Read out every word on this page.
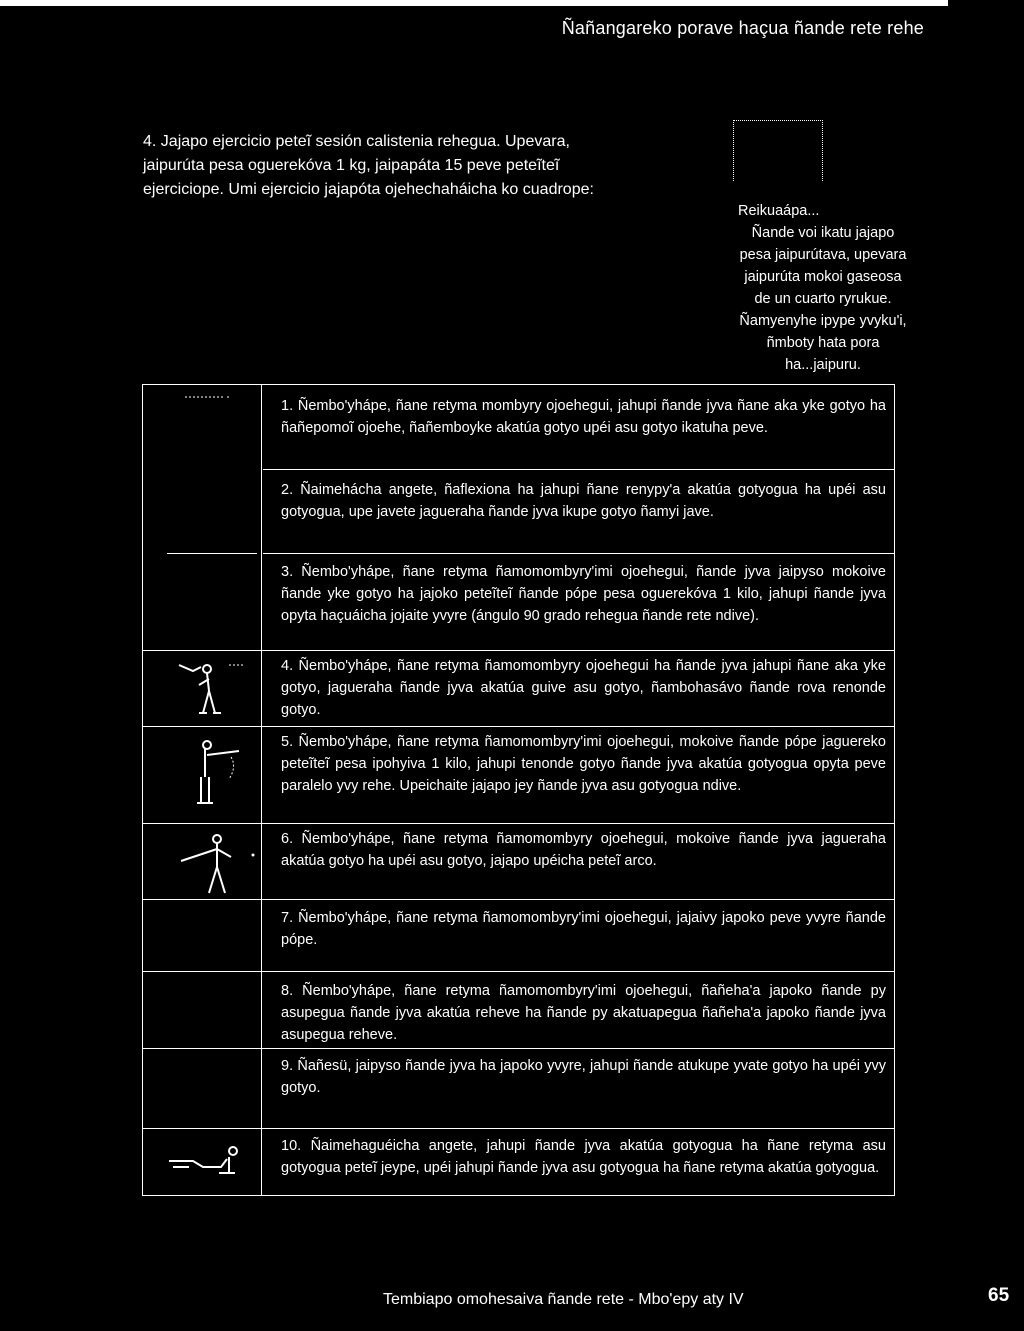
Ñañangareko porave haçua ñande rete rehe
4. Jajapo ejercicio peteĩ sesión calistenia rehegua. Upevara, jaipurúta pesa oguerekóva 1 kg, jaipapáta 15 peve peteĩteĩ ejerciciope. Umi ejercicio jajapóta ojehechaháicha ko cuadrope:
Reikuaápa...
Ñande voi ikatu jajapo pesa jaipurútava, upevara jaipurúta mokoi gaseosa de un cuarto ryrukue. Ñamyenyhe ipype yvyku'i, ñmboty hata pora ha...jaipuru.
1. Ñembo'yhápe, ñane retyma mombyry ojoehegui, jahupi ñande jyva ñane aka yke gotyo ha ñañepomoĩ ojoehe, ñañemboyke akatúa gotyo upéi asu gotyo ikatuha peve.
2. Ñaimehácha angete, ñaflexiona ha jahupi ñane renypy'a akatúa gotyogua ha upéi asu gotyogua, upe javete jagueraha ñande jyva ikupe gotyo ñamyi jave.
3. Ñembo'yhápe, ñane retyma ñamomombyry'imi ojoehegui, ñande jyva jaipyso mokoive ñande yke gotyo ha jajoko peteĩteĩ ñande pópe pesa oguerekóva 1 kilo, jahupi ñande jyva opyta haçuáicha jojaite yvyre (ángulo 90 grado rehegua ñande rete ndive).
4. Ñembo'yhápe, ñane retyma ñamomombyry ojoehegui ha ñande jyva jahupi ñane aka yke gotyo, jagueraha ñande jyva akatúa guive asu gotyo, ñambohasávo ñande rova renonde gotyo.
5. Ñembo'yhápe, ñane retyma ñamomombyry'imi ojoehegui, mokoive ñande póре jaguereko peteĩteĩ pesa ipohyiva 1 kilo, jahupi tenonde gotyo ñande jyva akatúa gotyogua opyta peve paralelo yvy rehe. Upeichaite jajapo jey ñande jyva asu gotyogua ndive.
6. Ñembo'yhápe, ñane retyma ñamomombyry ojoehegui, mokoive ñande jyva jagueraha akatúa gotyo ha upéi asu gotyo, jajapo upéicha peteĩ arco.
7. Ñembo'yhápe, ñane retyma ñamomombyry'imi ojoehegui, jajaivy japoko peve yvyre ñande pópe.
8. Ñembo'yhápe, ñane retyma ñamomombyry'imi ojoehegui, ñañeha'a japoko ñande py asupegua ñande jyva akatúa reheve ha ñande py akatuapegua ñañeha'a japoko ñande jyva asupegua reheve.
9. Ñañesü, jaipyso ñande jyva ha japoko yvyre, jahupi ñande atukupe yvate gotyo ha upéi yvy gotyo.
10. Ñaimehaguéicha angete, jahupi ñande jyva akatúa gotyogua ha ñane retyma asu gotyogua peteĩ jeype, upéi jahupi ñande jyva asu gotyogua ha ñane retyma akatúa gotyogua.
Tembiapo omohesaiva ñande rete - Mbo'epy aty IV	65
